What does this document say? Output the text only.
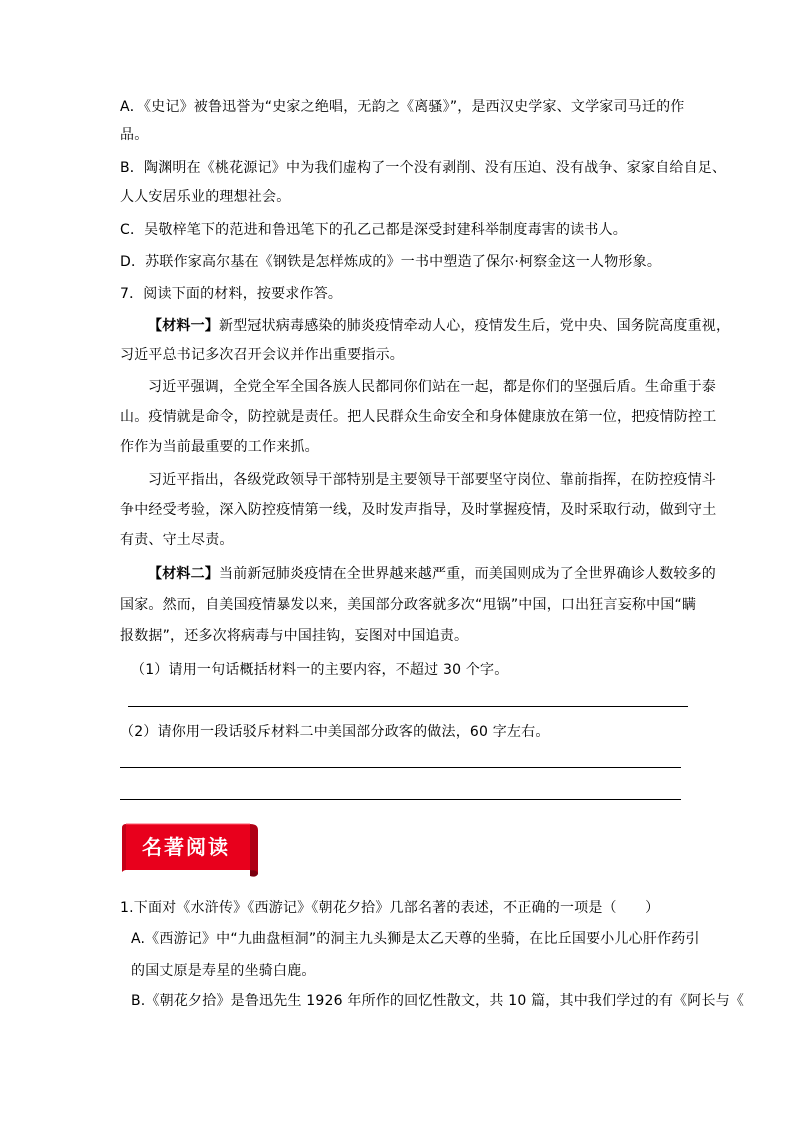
A．《史记》被鲁迅誉为“史家之绝唱，无韵之《离骚》”，是西汉史学家、文学家司马迁的作
品。
B．陶渊明在《桃花源记》中为我们虚构了一个没有剥削、没有压迫、没有战争、家家自给自足、
人人安居乐业的理想社会。
C．吴敬梓笔下的范进和鲁迅笔下的孔乙己都是深受封建科举制度毒害的读书人。
D．苏联作家高尔基在《钢铁是怎样炼成的》一书中塑造了保尔·柯察金这一人物形象。
7．阅读下面的材料，按要求作答。
【材料一】新型冠状病毒感染的肺炎疫情牵动人心，疫情发生后，党中央、国务院高度重视，
习近平总书记多次召开会议并作出重要指示。
习近平强调，全党全军全国各族人民都同你们站在一起，都是你们的坚强后盾。生命重于泰
山。疫情就是命令，防控就是责任。把人民群众生命安全和身体健康放在第一位，把疫情防控工
作作为当前最重要的工作来抓。
习近平指出，各级党政领导干部特别是主要领导干部要坚守岗位、靠前指挥，在防控疫情斗
争中经受考验，深入防控疫情第一线，及时发声指导，及时掌握疫情，及时采取行动，做到守土
有责、守土尽责。
【材料二】当前新冠肺炎疫情在全世界越来越严重，而美国则成为了全世界确诊人数较多的
国家。然而，自美国疫情暴发以来，美国部分政客就多次“甩锅”中国，口出狂言妄称中国“瞒
报数据”，还多次将病毒与中国挂钩，妄图对中国追责。
（1）请用一句话概括材料一的主要内容，不超过 30 个字。
（2）请你用一段话驳斥材料二中美国部分政客的做法，60 字左右。
名著阅读
1.下面对《水浒传》《西游记》《朝花夕拾》几部名著的表述，不正确的一项是（　　）
A.《西游记》中“九曲盘桓洞”的洞主九头狮是太乙天尊的坐骑，在比丘国要小儿心肝作药引
的国丈原是寿星的坐骑白鹿。
B.《朝花夕拾》是鲁迅先生 1926 年所作的回忆性散文，共 10 篇，其中我们学过的有《阿长与《
